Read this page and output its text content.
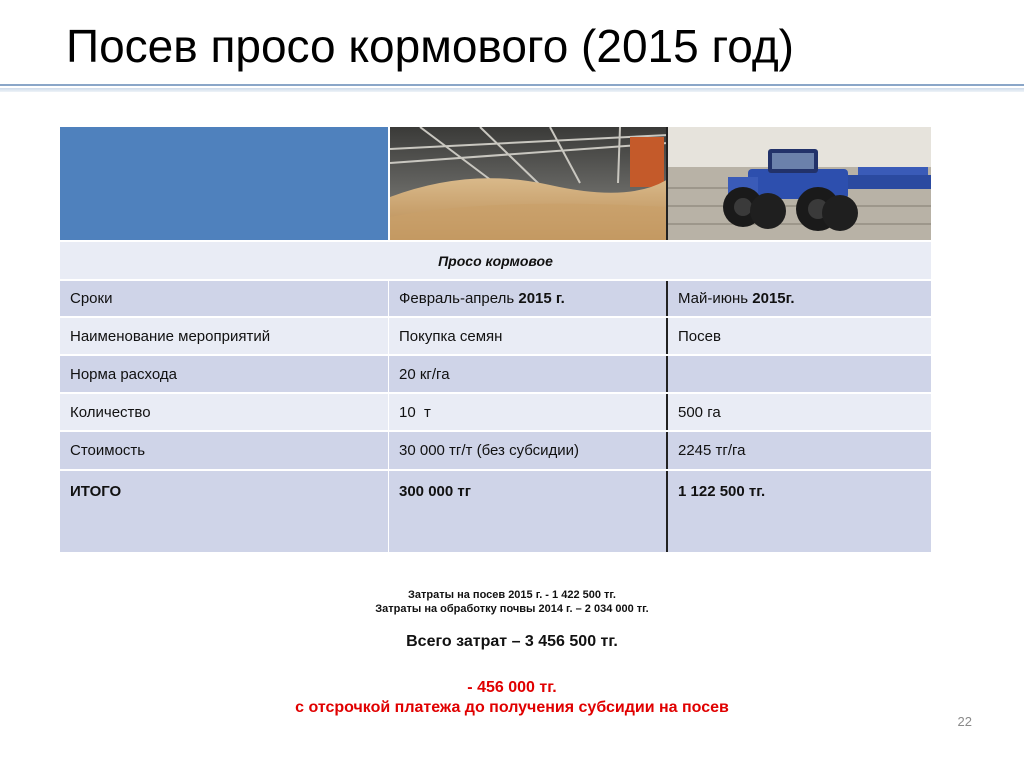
Посев просо кормового (2015 год)
Просо кормовое
Сроки	Февраль-апрель 2015 г.	Май-июнь 2015г.
Наименование мероприятий	Покупка семян	Посев
Норма расхода	20 кг/га
Количество	10  т	500 га
Стоимость	30 000 тг/т (без субсидии)	2245 тг/га
ИТОГО	300 000 тг	1 122 500 тг.
Затраты на посев 2015 г. - 1 422 500 тг.
Затраты на обработку почвы 2014 г. – 2 034 000 тг.
Всего затрат – 3 456 500 тг.
- 456 000 тг.
с отсрочкой платежа до получения субсидии на посев
22
